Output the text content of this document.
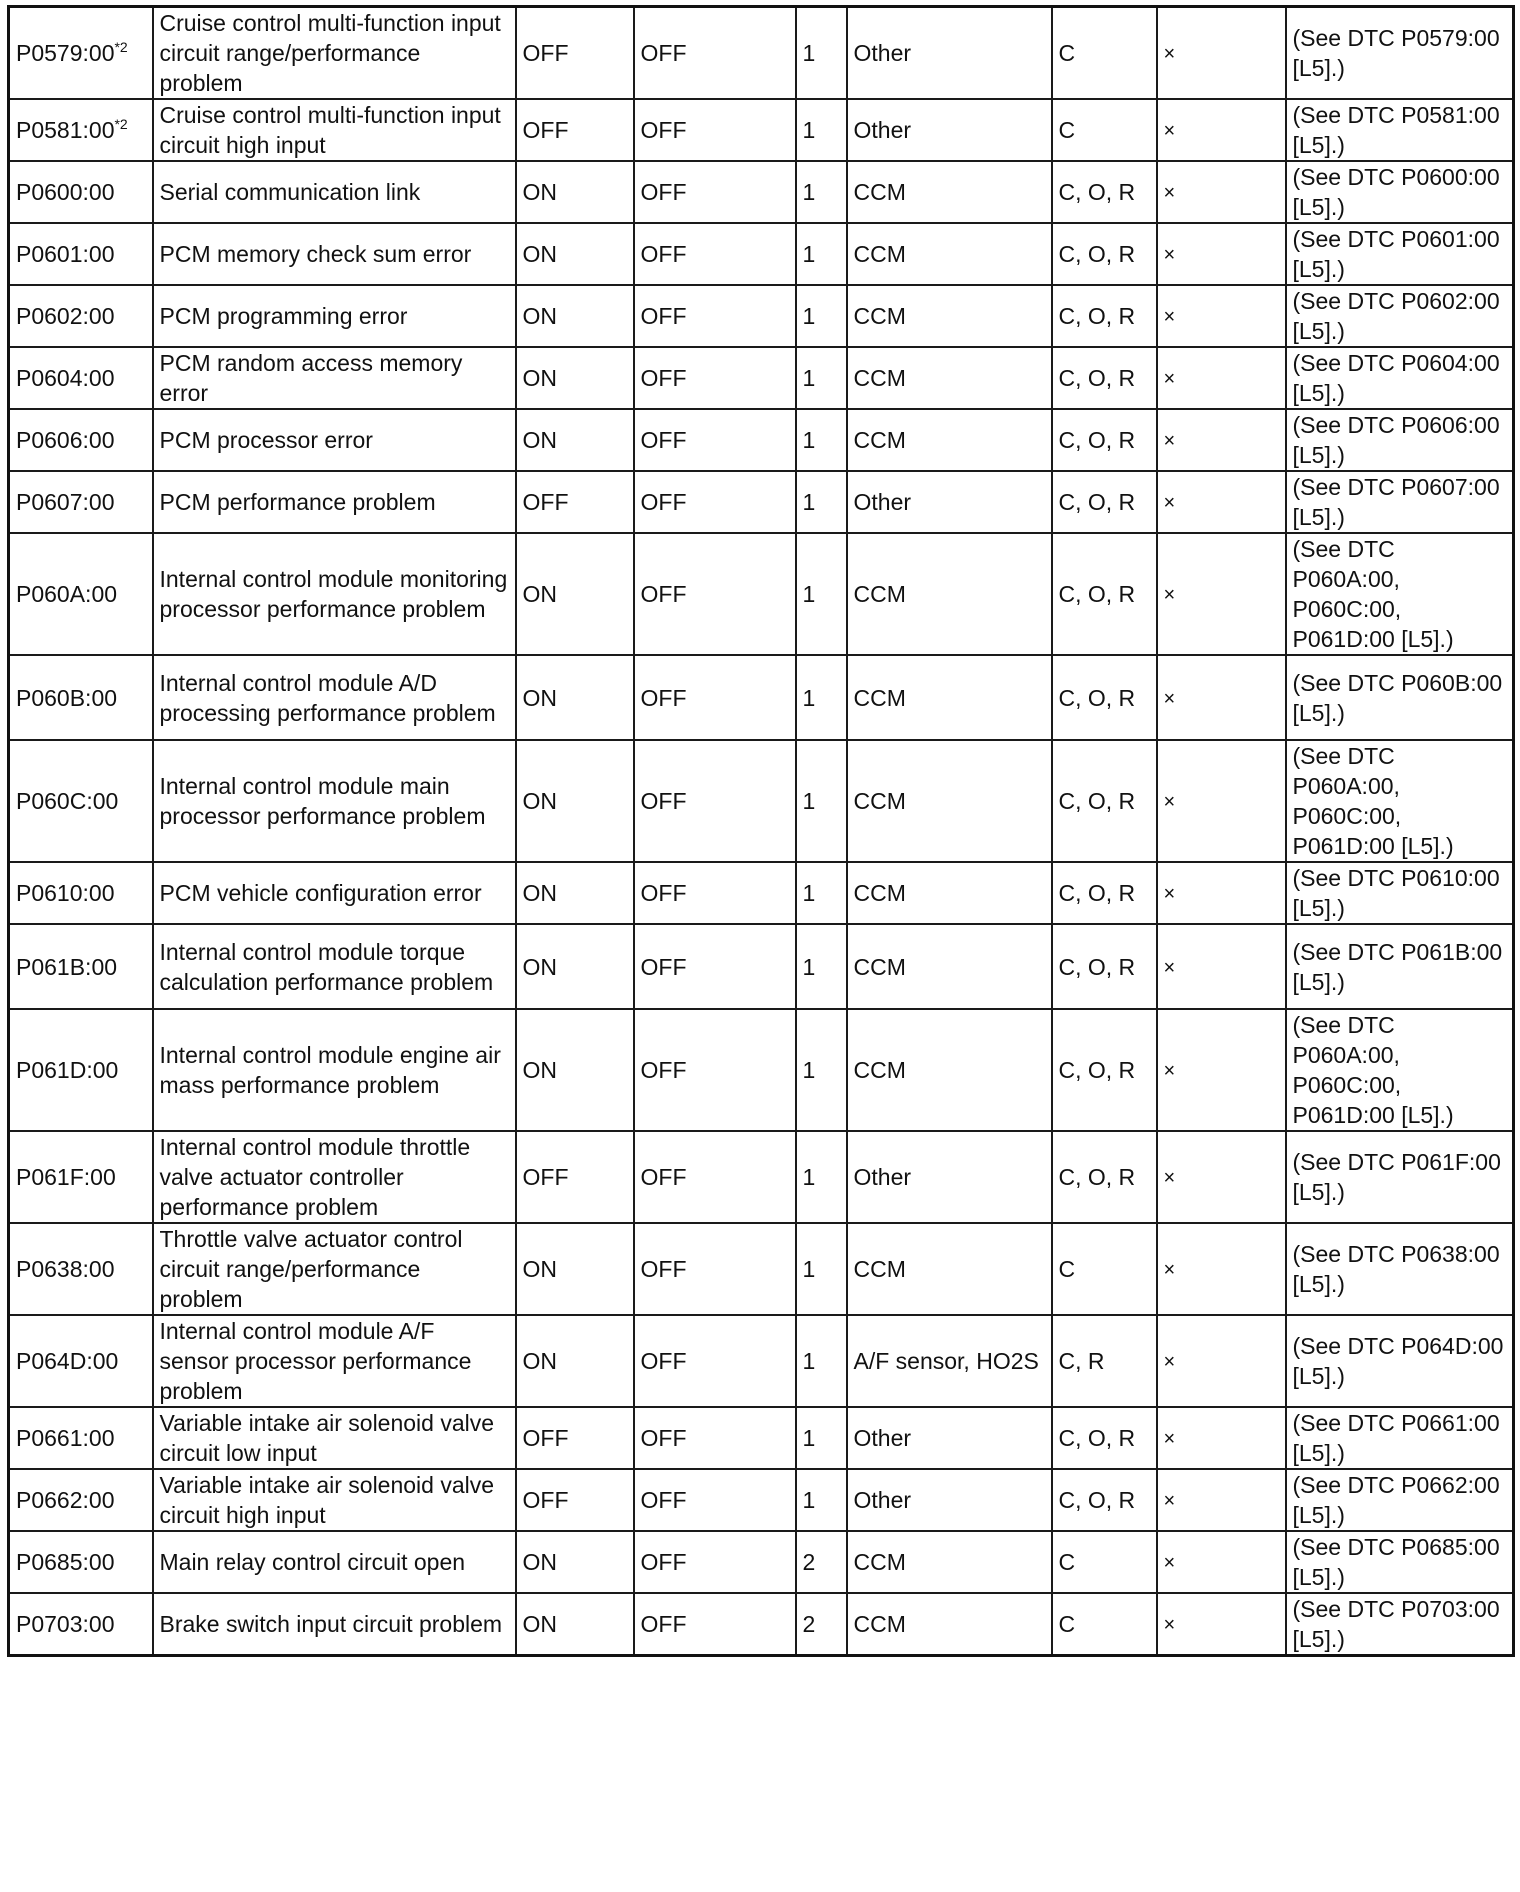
P0579:00$^{*2}$	Cruise control multi-function input circuit range/performance problem	OFF	OFF	1	Other	C	×	(See DTC P0579:00 [L5].)
P0581:00$^{*2}$	Cruise control multi-function input circuit high input	OFF	OFF	1	Other	C	×	(See DTC P0581:00 [L5].)
P0600:00	Serial communication link	ON	OFF	1	CCM	C, O, R	×	(See DTC P0600:00 [L5].)
P0601:00	PCM memory check sum error	ON	OFF	1	CCM	C, O, R	×	(See DTC P0601:00 [L5].)
P0602:00	PCM programming error	ON	OFF	1	CCM	C, O, R	×	(See DTC P0602:00 [L5].)
P0604:00	PCM random access memory error	ON	OFF	1	CCM	C, O, R	×	(See DTC P0604:00 [L5].)
P0606:00	PCM processor error	ON	OFF	1	CCM	C, O, R	×	(See DTC P0606:00 [L5].)
P0607:00	PCM performance problem	OFF	OFF	1	Other	C, O, R	×	(See DTC P0607:00 [L5].)
P060A:00	Internal control module monitoring processor performance problem	ON	OFF	1	CCM	C, O, R	×	(See DTC P060A:00, P060C:00, P061D:00 [L5].)
P060B:00	Internal control module A/D processing performance problem	ON	OFF	1	CCM	C, O, R	×	(See DTC P060B:00 [L5].)
P060C:00	Internal control module main processor performance problem	ON	OFF	1	CCM	C, O, R	×	(See DTC P060A:00, P060C:00, P061D:00 [L5].)
P0610:00	PCM vehicle configuration error	ON	OFF	1	CCM	C, O, R	×	(See DTC P0610:00 [L5].)
P061B:00	Internal control module torque calculation performance problem	ON	OFF	1	CCM	C, O, R	×	(See DTC P061B:00 [L5].)
P061D:00	Internal control module engine air mass performance problem	ON	OFF	1	CCM	C, O, R	×	(See DTC P060A:00, P060C:00, P061D:00 [L5].)
P061F:00	Internal control module throttle valve actuator controller performance problem	OFF	OFF	1	Other	C, O, R	×	(See DTC P061F:00 [L5].)
P0638:00	Throttle valve actuator control circuit range/performance problem	ON	OFF	1	CCM	C	×	(See DTC P0638:00 [L5].)
P064D:00	Internal control module A/F sensor processor performance problem	ON	OFF	1	A/F sensor, HO2S	C, R	×	(See DTC P064D:00 [L5].)
P0661:00	Variable intake air solenoid valve circuit low input	OFF	OFF	1	Other	C, O, R	×	(See DTC P0661:00 [L5].)
P0662:00	Variable intake air solenoid valve circuit high input	OFF	OFF	1	Other	C, O, R	×	(See DTC P0662:00 [L5].)
P0685:00	Main relay control circuit open	ON	OFF	2	CCM	C	×	(See DTC P0685:00 [L5].)
P0703:00	Brake switch input circuit problem	ON	OFF	2	CCM	C	×	(See DTC P0703:00 [L5].)
